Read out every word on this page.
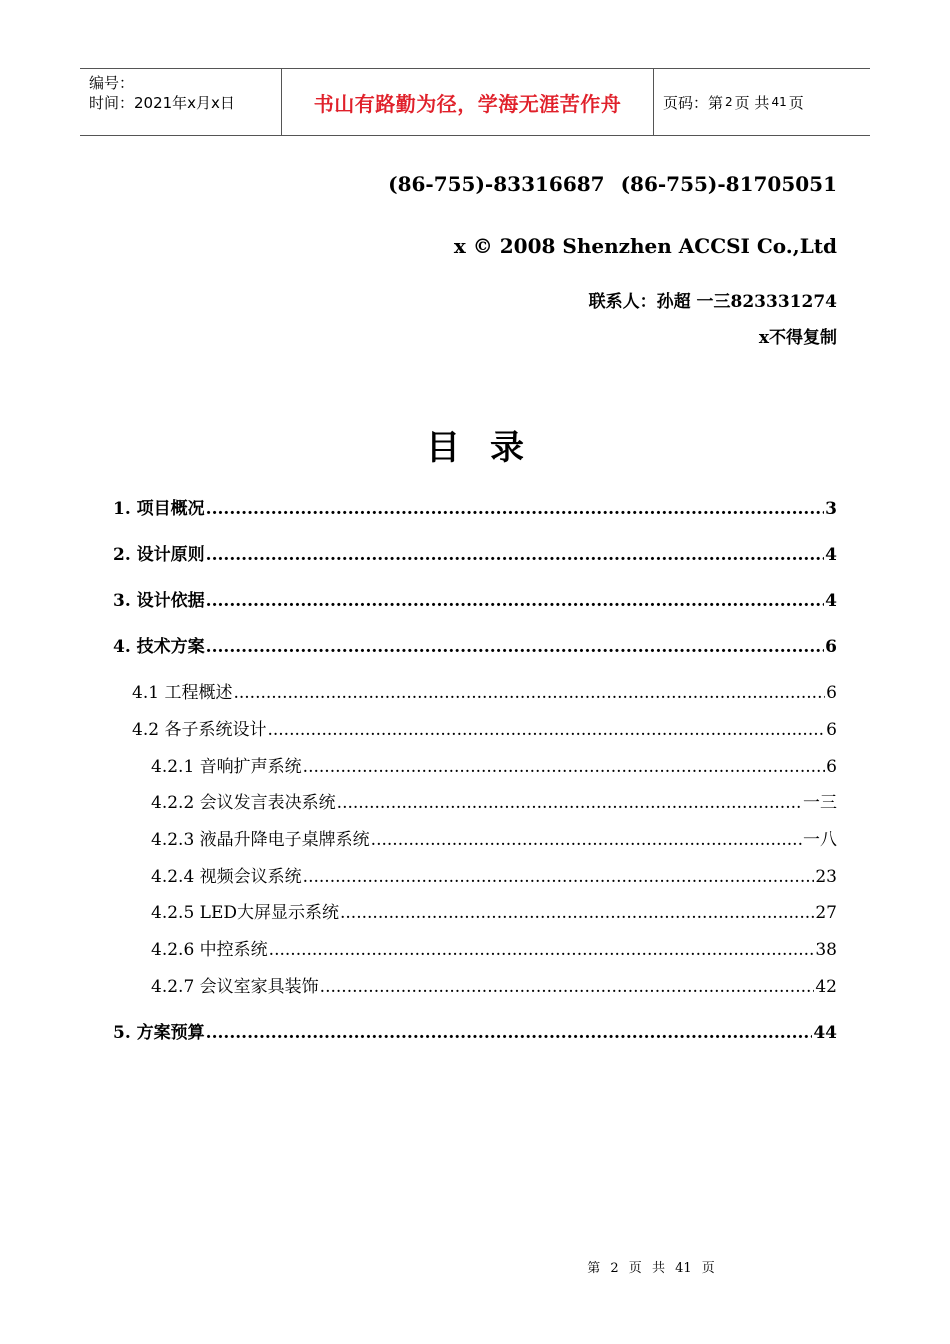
编号：
时间：2021年x月x日	书山有路勤为径，学海无涯苦作舟	页码：第 2 页 共 41 页
(86-755)-83316687 (86-755)-81705051
x © 2008 Shenzhen ACCSI Co.,Ltd
联系人：孙超 一三823331274
x不得复制
目录
1. 项目概况 .....	3
2. 设计原则 .....	4
3. 设计依据 .....	4
4. 技术方案 .....	6
4.1 工程概述 .....	6
4.2 各子系统设计 .....	6
4.2.1 音响扩声系统 .....	6
4.2.2 会议发言表决系统 .....	一三
4.2.3 液晶升降电子桌牌系统 .....	一八
4.2.4 视频会议系统 .....	23
4.2.5 LED大屏显示系统 .....	27
4.2.6 中控系统 .....	38
4.2.7 会议室家具装饰 .....	42
5. 方案预算 .....	44
第 2 页 共 41 页
